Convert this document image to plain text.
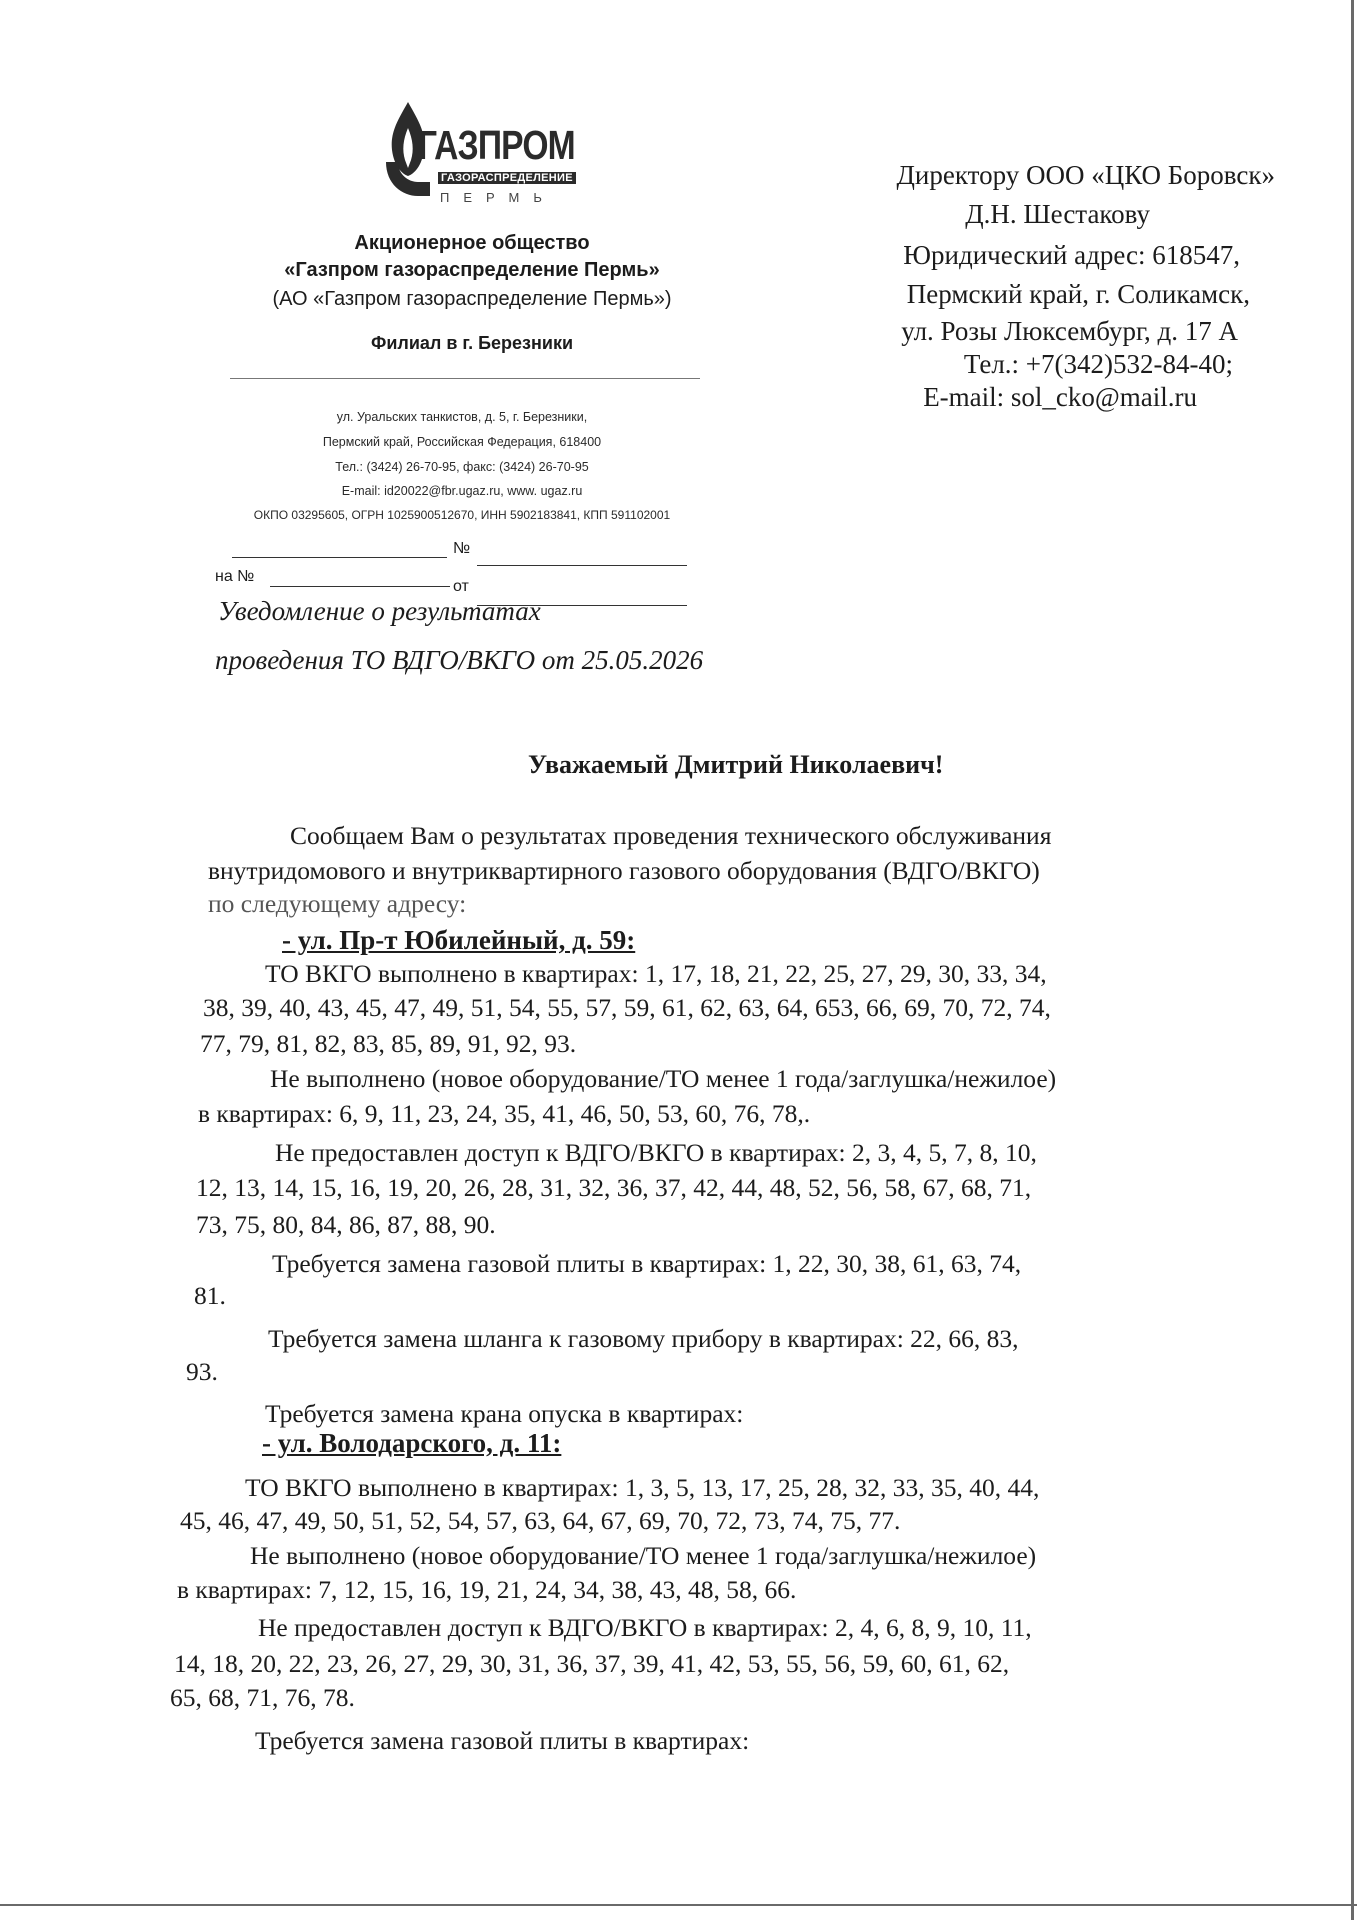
ГАЗПРОМ
ГАЗОРАСПРЕДЕЛЕНИЕ
ПЕРМЬ
Акционерное общество
«Газпром газораспределение Пермь»
(АО «Газпром газораспределение Пермь»)
Филиал в г. Березники
ул. Уральских танкистов, д. 5, г. Березники,
Пермский край, Российская Федерация, 618400
Тел.: (3424) 26-70-95, факс: (3424) 26-70-95
E-mail: id20022@fbr.ugaz.ru, www. ugaz.ru
ОКПО 03295605, ОГРН 1025900512670, ИНН 5902183841, КПП 591102001
№
на №
от
Директору ООО «ЦКО Боровск»
Д.Н. Шестакову
Юридический адрес: 618547,
Пермский край, г. Соликамск,
ул. Розы Люксембург, д. 17 А
Тел.: +7(342)532-84-40;
E-mail: sol_cko@mail.ru
Уведомление о результатах
проведения ТО ВДГО/ВКГО от 25.05.2026
Уважаемый Дмитрий Николаевич!
Сообщаем Вам о результатах проведения технического обслуживания
внутридомового и внутриквартирного газового оборудования (ВДГО/ВКГО)
по следующему адресу:
- ул. Пр-т Юбилейный, д. 59:
ТО ВКГО выполнено в квартирах: 1, 17, 18, 21, 22, 25, 27, 29, 30, 33, 34,
38, 39, 40, 43, 45, 47, 49, 51, 54, 55, 57, 59, 61, 62, 63, 64, 653, 66, 69, 70, 72, 74,
77, 79, 81, 82, 83, 85, 89, 91, 92, 93.
Не выполнено (новое оборудование/ТО менее 1 года/заглушка/нежилое)
в квартирах: 6, 9, 11, 23, 24, 35, 41, 46, 50, 53, 60, 76, 78,.
Не предоставлен доступ к ВДГО/ВКГО в квартирах: 2, 3, 4, 5, 7, 8, 10,
12, 13, 14, 15, 16, 19, 20, 26, 28, 31, 32, 36, 37, 42, 44, 48, 52, 56, 58, 67, 68, 71,
73, 75, 80, 84, 86, 87, 88, 90.
Требуется замена газовой плиты в квартирах: 1, 22, 30, 38, 61, 63, 74,
81.
Требуется замена шланга к газовому прибору в квартирах: 22, 66, 83,
93.
Требуется замена крана опуска в квартирах:
- ул. Володарского, д. 11:
ТО ВКГО выполнено в квартирах: 1, 3, 5, 13, 17, 25, 28, 32, 33, 35, 40, 44,
45, 46, 47, 49, 50, 51, 52, 54, 57, 63, 64, 67, 69, 70, 72, 73, 74, 75, 77.
Не выполнено (новое оборудование/ТО менее 1 года/заглушка/нежилое)
в квартирах: 7, 12, 15, 16, 19, 21, 24, 34, 38, 43, 48, 58, 66.
Не предоставлен доступ к ВДГО/ВКГО в квартирах: 2, 4, 6, 8, 9, 10, 11,
14, 18, 20, 22, 23, 26, 27, 29, 30, 31, 36, 37, 39, 41, 42, 53, 55, 56, 59, 60, 61, 62,
65, 68, 71, 76, 78.
Требуется замена газовой плиты в квартирах:
